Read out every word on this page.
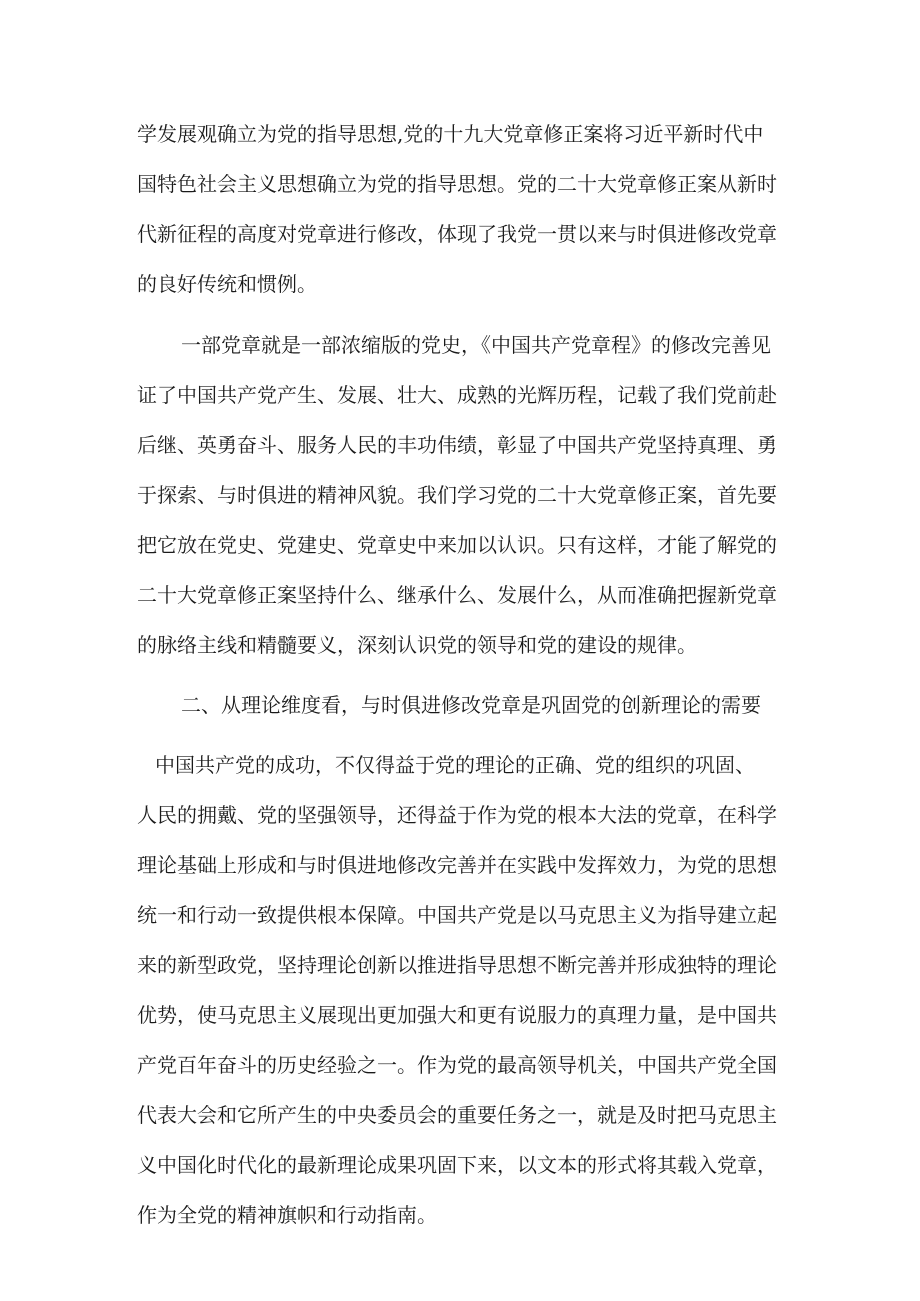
学发展观确立为党的指导思想,党的十九大党章修正案将习近平新时代中

国特色社会主义思想确立为党的指导思想。党的二十大党章修正案从新时

代新征程的高度对党章进行修改，体现了我党一贯以来与时俱进修改党章

的良好传统和惯例。

一部党章就是一部浓缩版的党史，《中国共产党章程》的修改完善见

证了中国共产党产生、发展、壮大、成熟的光辉历程，记载了我们党前赴

后继、英勇奋斗、服务人民的丰功伟绩，彰显了中国共产党坚持真理、勇

于探索、与时俱进的精神风貌。我们学习党的二十大党章修正案，首先要

把它放在党史、党建史、党章史中来加以认识。只有这样，才能了解党的

二十大党章修正案坚持什么、继承什么、发展什么，从而准确把握新党章

的脉络主线和精髓要义，深刻认识党的领导和党的建设的规律。

二、从理论维度看，与时俱进修改党章是巩固党的创新理论的需要

中国共产党的成功，不仅得益于党的理论的正确、党的组织的巩固、

人民的拥戴、党的坚强领导，还得益于作为党的根本大法的党章，在科学

理论基础上形成和与时俱进地修改完善并在实践中发挥效力，为党的思想

统一和行动一致提供根本保障。中国共产党是以马克思主义为指导建立起

来的新型政党，坚持理论创新以推进指导思想不断完善并形成独特的理论

优势，使马克思主义展现出更加强大和更有说服力的真理力量，是中国共

产党百年奋斗的历史经验之一。作为党的最高领导机关，中国共产党全国

代表大会和它所产生的中央委员会的重要任务之一，就是及时把马克思主

义中国化时代化的最新理论成果巩固下来，以文本的形式将其载入党章，

作为全党的精神旗帜和行动指南。
